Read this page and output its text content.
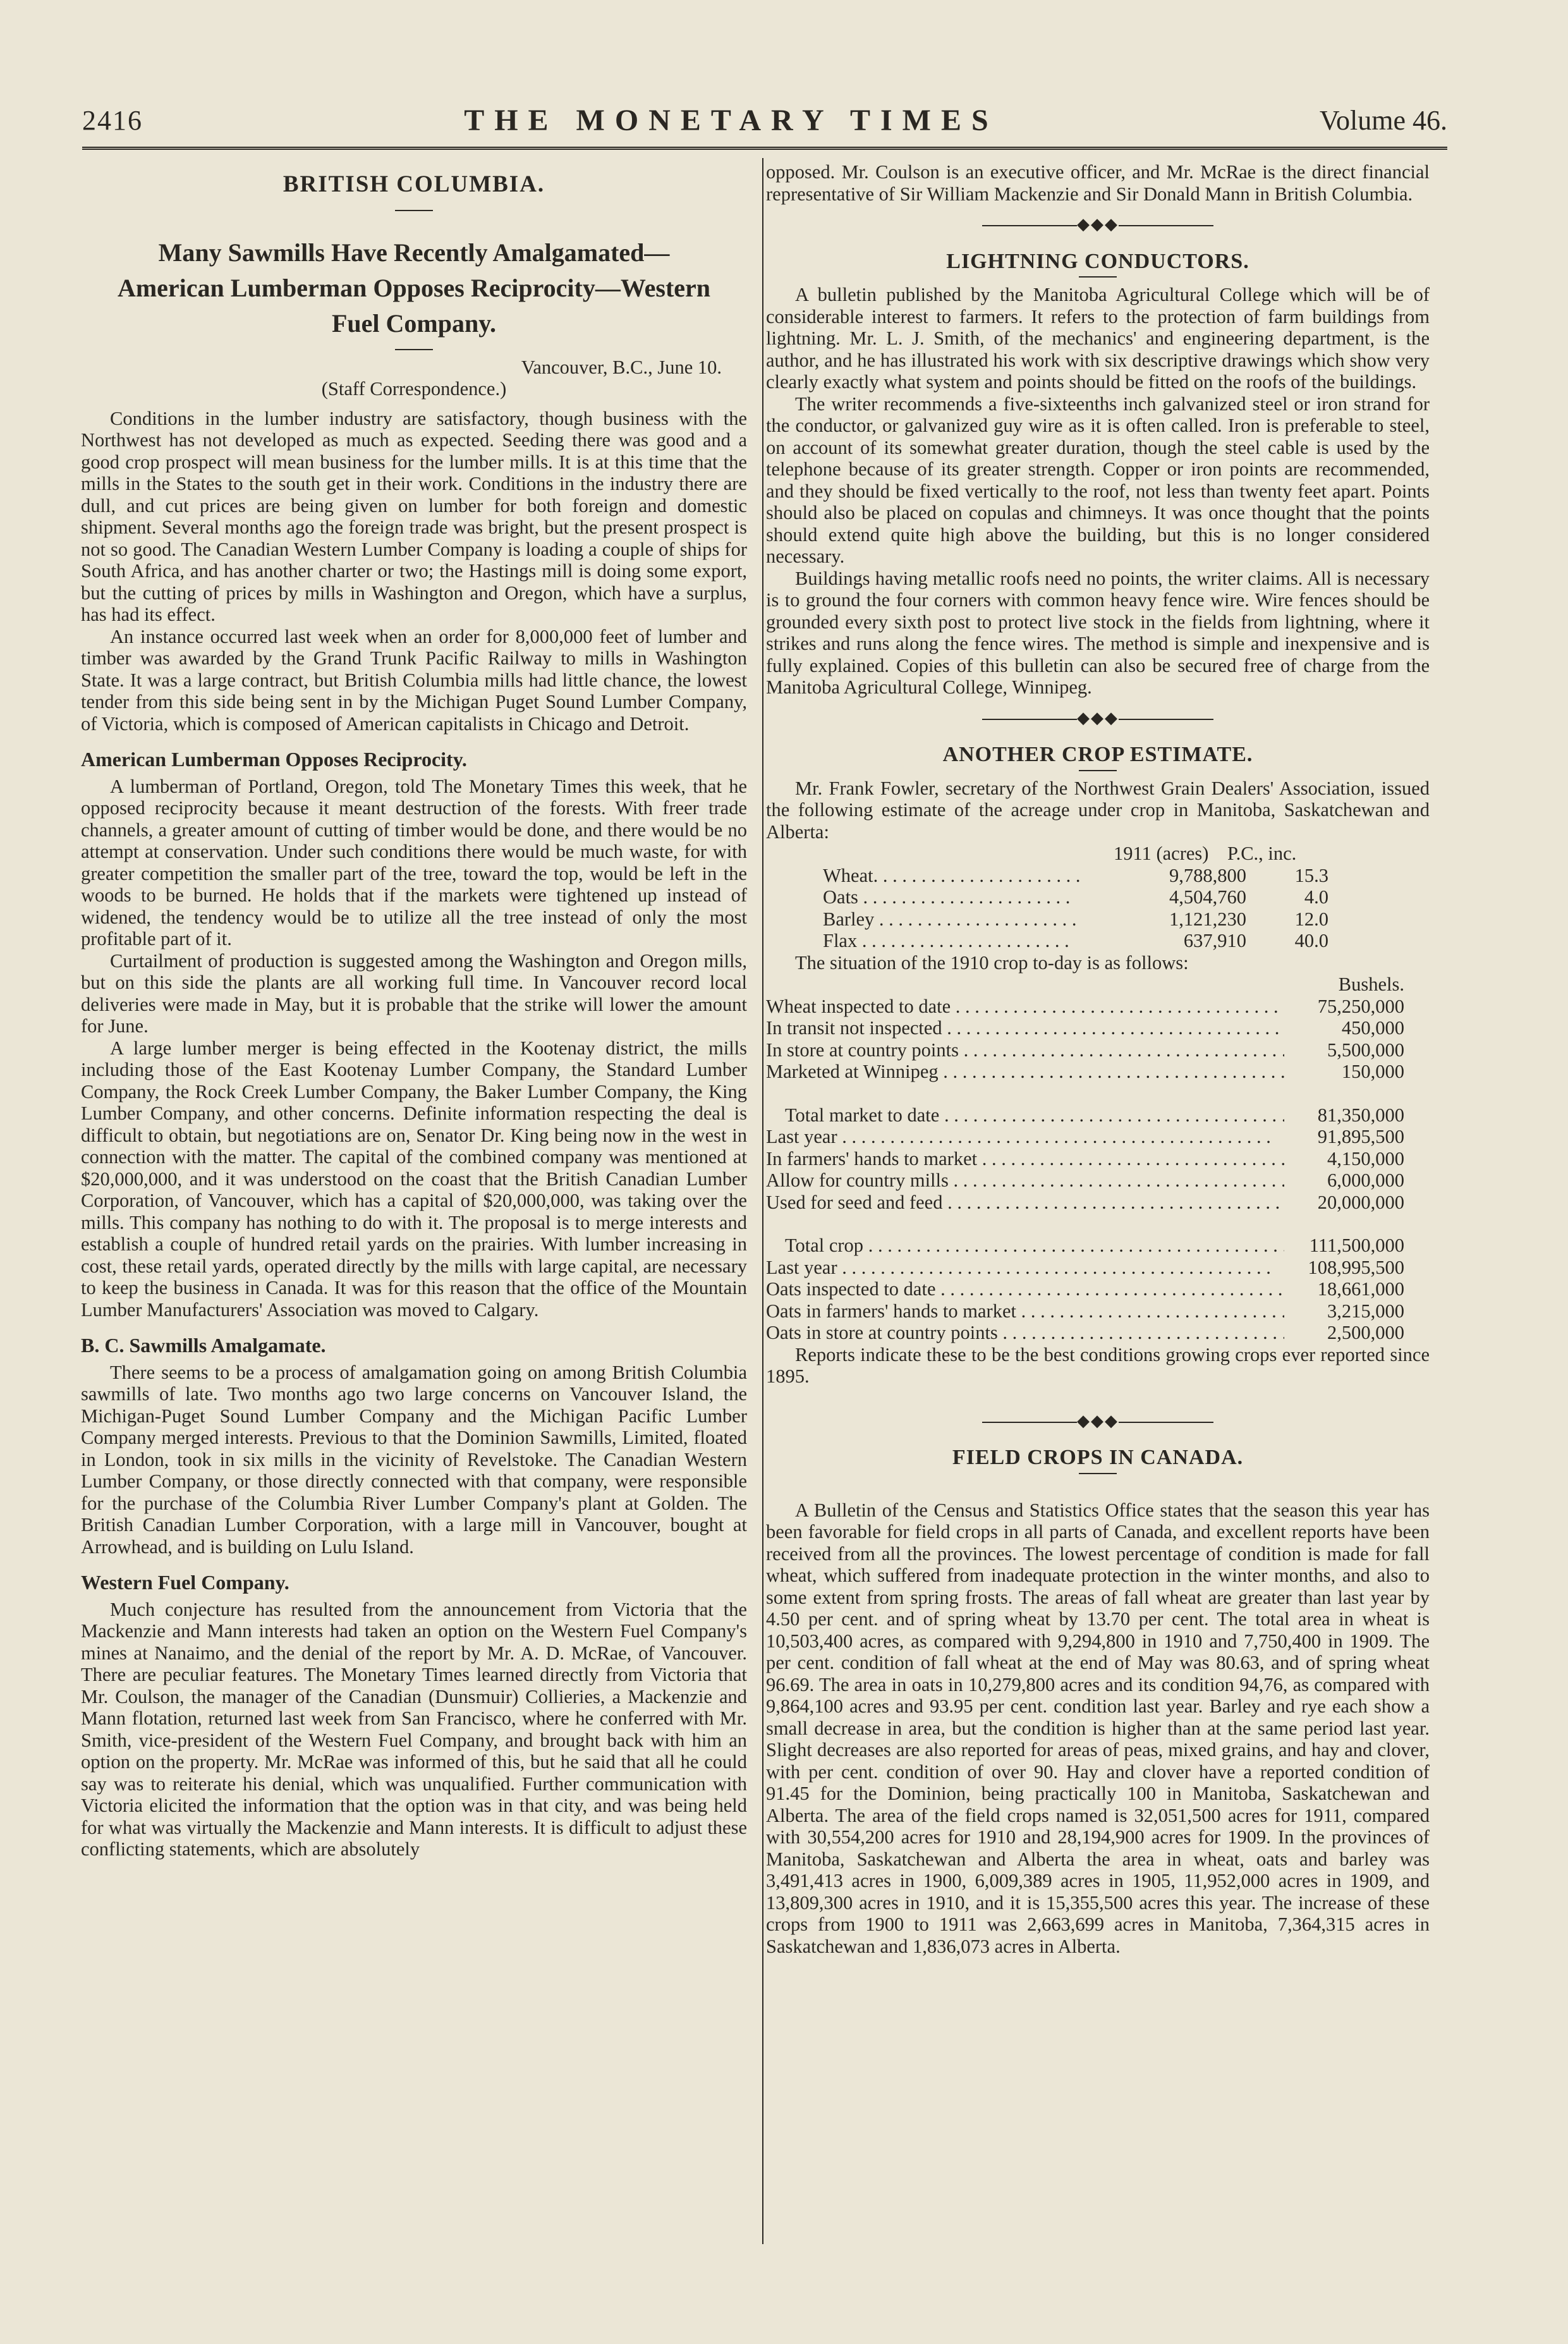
2416	THE MONETARY TIMES	Volume 46.
BRITISH COLUMBIA.
Many Sawmills Have Recently Amalgamated—American Lumberman Opposes Reciprocity—Western Fuel Company.
Vancouver, B.C., June 10.
(Staff Correspondence.)

Conditions in the lumber industry are satisfactory, though business with the Northwest has not developed as much as expected. Seeding there was good and a good crop prospect will mean business for the lumber mills. It is at this time that the mills in the States to the south get in their work. Conditions in the industry there are dull, and cut prices are being given on lumber for both foreign and domestic shipment. Several months ago the foreign trade was bright, but the present prospect is not so good. The Canadian Western Lumber Company is loading a couple of ships for South Africa, and has another charter or two; the Hastings mill is doing some export, but the cutting of prices by mills in Washington and Oregon, which have a surplus, has had its effect.

An instance occurred last week when an order for 8,000,000 feet of lumber and timber was awarded by the Grand Trunk Pacific Railway to mills in Washington State. It was a large contract, but British Columbia mills had little chance, the lowest tender from this side being sent in by the Michigan Puget Sound Lumber Company, of Victoria, which is composed of American capitalists in Chicago and Detroit.

American Lumberman Opposes Reciprocity.

A lumberman of Portland, Oregon, told The Monetary Times this week, that he opposed reciprocity because it meant destruction of the forests. With freer trade channels, a greater amount of cutting of timber would be done, and there would be no attempt at conservation. Under such conditions there would be much waste, for with greater competition the smaller part of the tree, toward the top, would be left in the woods to be burned. He holds that if the markets were tightened up instead of widened, the tendency would be to utilize all the tree instead of only the most profitable part of it.

Curtailment of production is suggested among the Washington and Oregon mills, but on this side the plants are all working full time. In Vancouver record local deliveries were made in May, but it is probable that the strike will lower the amount for June.

A large lumber merger is being effected in the Kootenay district, the mills including those of the East Kootenay Lumber Company, the Standard Lumber Company, the Rock Creek Lumber Company, the Baker Lumber Company, the King Lumber Company, and other concerns. Definite information respecting the deal is difficult to obtain, but negotiations are on, Senator Dr. King being now in the west in connection with the matter. The capital of the combined company was mentioned at $20,000,000, and it was understood on the coast that the British Canadian Lumber Corporation, of Vancouver, which has a capital of $20,000,000, was taking over the mills. This company has nothing to do with it. The proposal is to merge interests and establish a couple of hundred retail yards on the prairies. With lumber increasing in cost, these retail yards, operated directly by the mills with large capital, are necessary to keep the business in Canada. It was for this reason that the office of the Mountain Lumber Manufacturers' Association was moved to Calgary.

B. C. Sawmills Amalgamate.

There seems to be a process of amalgamation going on among British Columbia sawmills of late. Two months ago two large concerns on Vancouver Island, the Michigan-Puget Sound Lumber Company and the Michigan Pacific Lumber Company merged interests. Previous to that the Dominion Sawmills, Limited, floated in London, took in six mills in the vicinity of Revelstoke. The Canadian Western Lumber Company, or those directly connected with that company, were responsible for the purchase of the Columbia River Lumber Company's plant at Golden. The British Canadian Lumber Corporation, with a large mill in Vancouver, bought at Arrowhead, and is building on Lulu Island.

Western Fuel Company.

Much conjecture has resulted from the announcement from Victoria that the Mackenzie and Mann interests had taken an option on the Western Fuel Company's mines at Nanaimo, and the denial of the report by Mr. A. D. McRae, of Vancouver. There are peculiar features. The Monetary Times learned directly from Victoria that Mr. Coulson, the manager of the Canadian (Dunsmuir) Collieries, a Mackenzie and Mann flotation, returned last week from San Francisco, where he conferred with Mr. Smith, vice-president of the Western Fuel Company, and brought back with him an option on the property. Mr. McRae was informed of this, but he said that all he could say was to reiterate his denial, which was unqualified. Further communication with Victoria elicited the information that the option was in that city, and was being held for what was virtually the Mackenzie and Mann interests. It is difficult to adjust these conflicting statements, which are absolutely

opposed. Mr. Coulson is an executive officer, and Mr. McRae is the direct financial representative of Sir William Mackenzie and Sir Donald Mann in British Columbia.

◆◆◆
LIGHTNING CONDUCTORS.

A bulletin published by the Manitoba Agricultural College which will be of considerable interest to farmers. It refers to the protection of farm buildings from lightning. Mr. L. J. Smith, of the mechanics' and engineering department, is the author, and he has illustrated his work with six descriptive drawings which show very clearly exactly what system and points should be fitted on the roofs of the buildings.

The writer recommends a five-sixteenths inch galvanized steel or iron strand for the conductor, or galvanized guy wire as it is often called. Iron is preferable to steel, on account of its somewhat greater duration, though the steel cable is used by the telephone because of its greater strength. Copper or iron points are recommended, and they should be fixed vertically to the roof, not less than twenty feet apart. Points should also be placed on copulas and chimneys. It was once thought that the points should extend quite high above the building, but this is no longer considered necessary.

Buildings having metallic roofs need no points, the writer claims. All is necessary is to ground the four corners with common heavy fence wire. Wire fences should be grounded every sixth post to protect live stock in the fields from lightning, where it strikes and runs along the fence wires. The method is simple and inexpensive and is fully explained. Copies of this bulletin can also be secured free of charge from the Manitoba Agricultural College, Winnipeg.

◆◆◆
ANOTHER CROP ESTIMATE.

Mr. Frank Fowler, secretary of the Northwest Grain Dealers' Association, issued the following estimate of the acreage under crop in Manitoba, Saskatchewan and Alberta:

1911 (acres) P.C., inc.
Wheat. . . . . . . . . . . . . . . . . . . . . .	9,788,800	15.3
Oats . . . . . . . . . . . . . . . . . . . . . .	4,504,760	4.0
Barley . . . . . . . . . . . . . . . . . . . . .	1,121,230	12.0
Flax . . . . . . . . . . . . . . . . . . . . . .	637,910	40.0

The situation of the 1910 crop to-day is as follows:

Bushels.
Wheat inspected to date . . .	75,250,000
In transit not inspected . . .	450,000
In store at country points . . .	5,500,000
Marketed at Winnipeg . . .	150,000
Total market to date . . .	81,350,000
Last year . . .	91,895,500
In farmers' hands to market . . .	4,150,000
Allow for country mills . . .	6,000,000
Used for seed and feed . . .	20,000,000
Total crop . . .	111,500,000
Last year . . .	108,995,500
Oats inspected to date . . .	18,661,000
Oats in farmers' hands to market . . .	3,215,000
Oats in store at country points . . .	2,500,000

Reports indicate these to be the best conditions growing crops ever reported since 1895.

◆◆◆
FIELD CROPS IN CANADA.

A Bulletin of the Census and Statistics Office states that the season this year has been favorable for field crops in all parts of Canada, and excellent reports have been received from all the provinces. The lowest percentage of condition is made for fall wheat, which suffered from inadequate protection in the winter months, and also to some extent from spring frosts. The areas of fall wheat are greater than last year by 4.50 per cent. and of spring wheat by 13.70 per cent. The total area in wheat is 10,503,400 acres, as compared with 9,294,800 in 1910 and 7,750,400 in 1909. The per cent. condition of fall wheat at the end of May was 80.63, and of spring wheat 96.69. The area in oats in 10,279,800 acres and its condition 94,76, as compared with 9,864,100 acres and 93.95 per cent. condition last year. Barley and rye each show a small decrease in area, but the condition is higher than at the same period last year. Slight decreases are also reported for areas of peas, mixed grains, and hay and clover, with per cent. condition of over 90. Hay and clover have a reported condition of 91.45 for the Dominion, being practically 100 in Manitoba, Saskatchewan and Alberta. The area of the field crops named is 32,051,500 acres for 1911, compared with 30,554,200 acres for 1910 and 28,194,900 acres for 1909. In the provinces of Manitoba, Saskatchewan and Alberta the area in wheat, oats and barley was 3,491,413 acres in 1900, 6,009,389 acres in 1905, 11,952,000 acres in 1909, and 13,809,300 acres in 1910, and it is 15,355,500 acres this year. The increase of these crops from 1900 to 1911 was 2,663,699 acres in Manitoba, 7,364,315 acres in Saskatchewan and 1,836,073 acres in Alberta.
